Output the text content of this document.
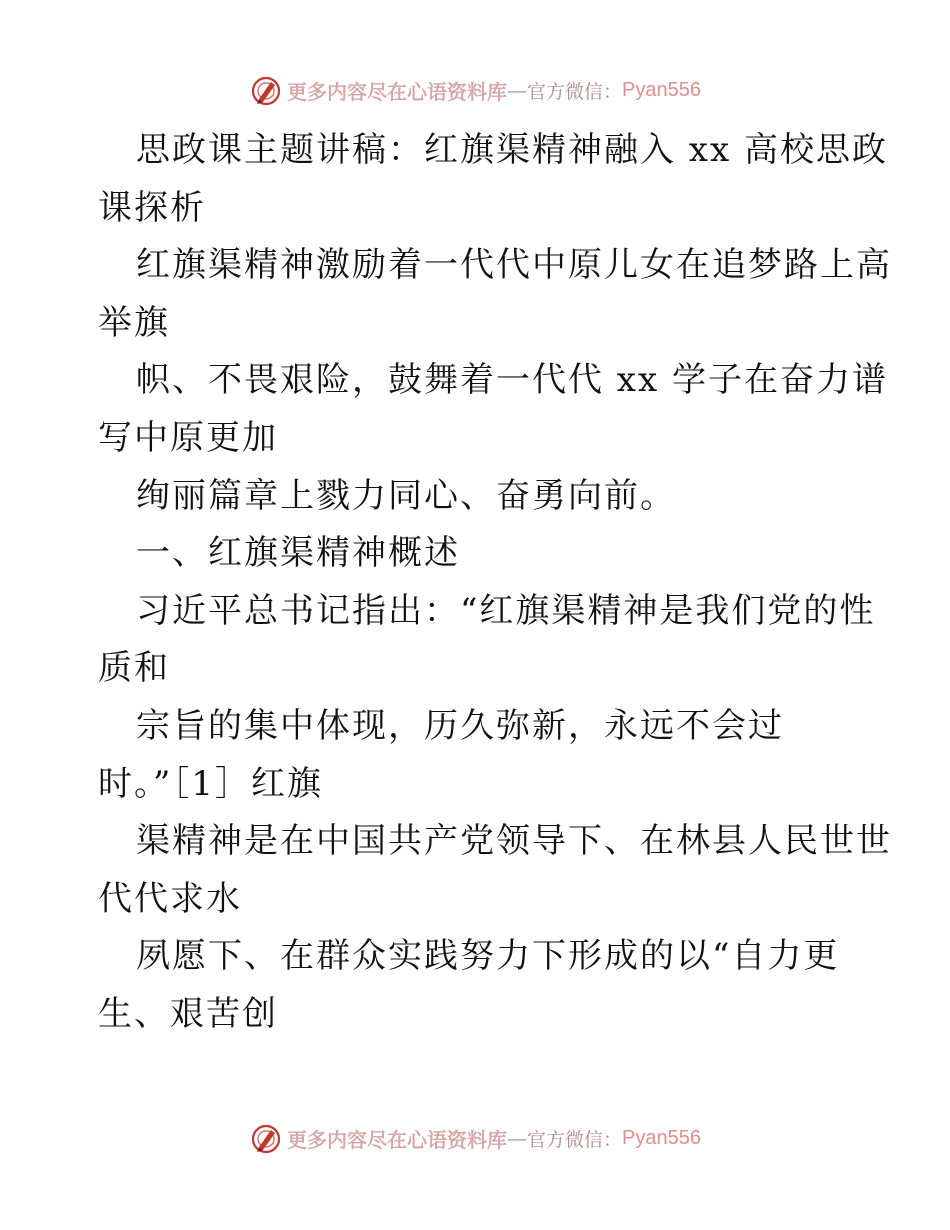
更多内容尽在心语资料库 — 官方微信： Pyan556
思政课主题讲稿：红旗渠精神融入 xx 高校思政
课探析
红旗渠精神激励着一代代中原儿女在追梦路上高
举旗
帜、不畏艰险，鼓舞着一代代 xx 学子在奋力谱
写中原更加
绚丽篇章上戮力同心、奋勇向前。
一、红旗渠精神概述
习近平总书记指出：“红旗渠精神是我们党的性
质和
宗旨的集中体现，历久弥新，永远不会过
时。”［1］红旗
渠精神是在中国共产党领导下、在林县人民世世
代代求水
夙愿下、在群众实践努力下形成的以“自力更
生、艰苦创
更多内容尽在心语资料库 — 官方微信： Pyan556
